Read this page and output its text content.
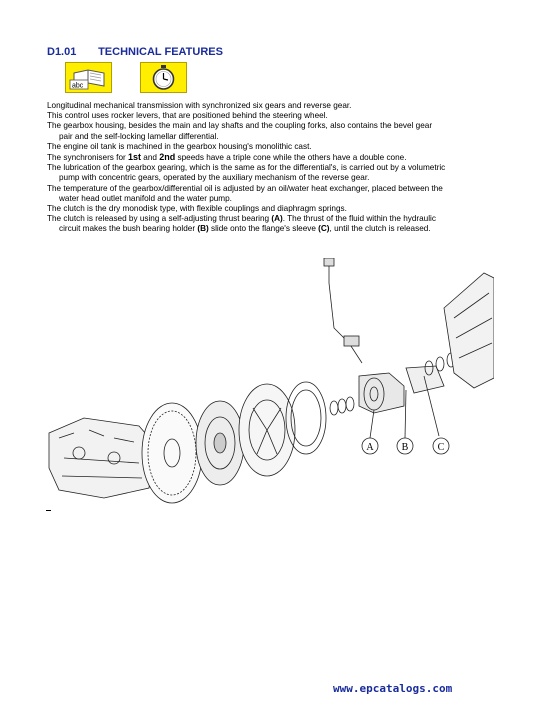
D1.01 TECHNICAL FEATURES
abc

Longitudinal mechanical transmission with synchronized six gears and reverse gear.

This control uses rocker levers, that are positioned behind the steering wheel.

The gearbox housing, besides the main and lay shafts and the coupling forks, also contains the bevel gear

pair and the self-locking lamellar differential.

The engine oil tank is machined in the gearbox housing's monolithic cast.

The synchronisers for 1st and 2nd speeds have a triple cone while the others have a double cone.

The lubrication of the gearbox gearing, which is the same as for the differential's, is carried out by a volumetric

pump with concentric gears, operated by the auxiliary mechanism of the reverse gear.

The temperature of the gearbox/differential oil is adjusted by an oil/water heat exchanger, placed between the

water head outlet manifold and the water pump.

The clutch is the dry monodisk type, with flexible couplings and diaphragm springs.

The clutch is released by using a self-adjusting thrust bearing (A). The thrust of the fluid within the hydraulic

circuit makes the bush bearing holder (B) slide onto the flange's sleeve (C), until the clutch is released.

A	B	C
www.epcatalogs.com
